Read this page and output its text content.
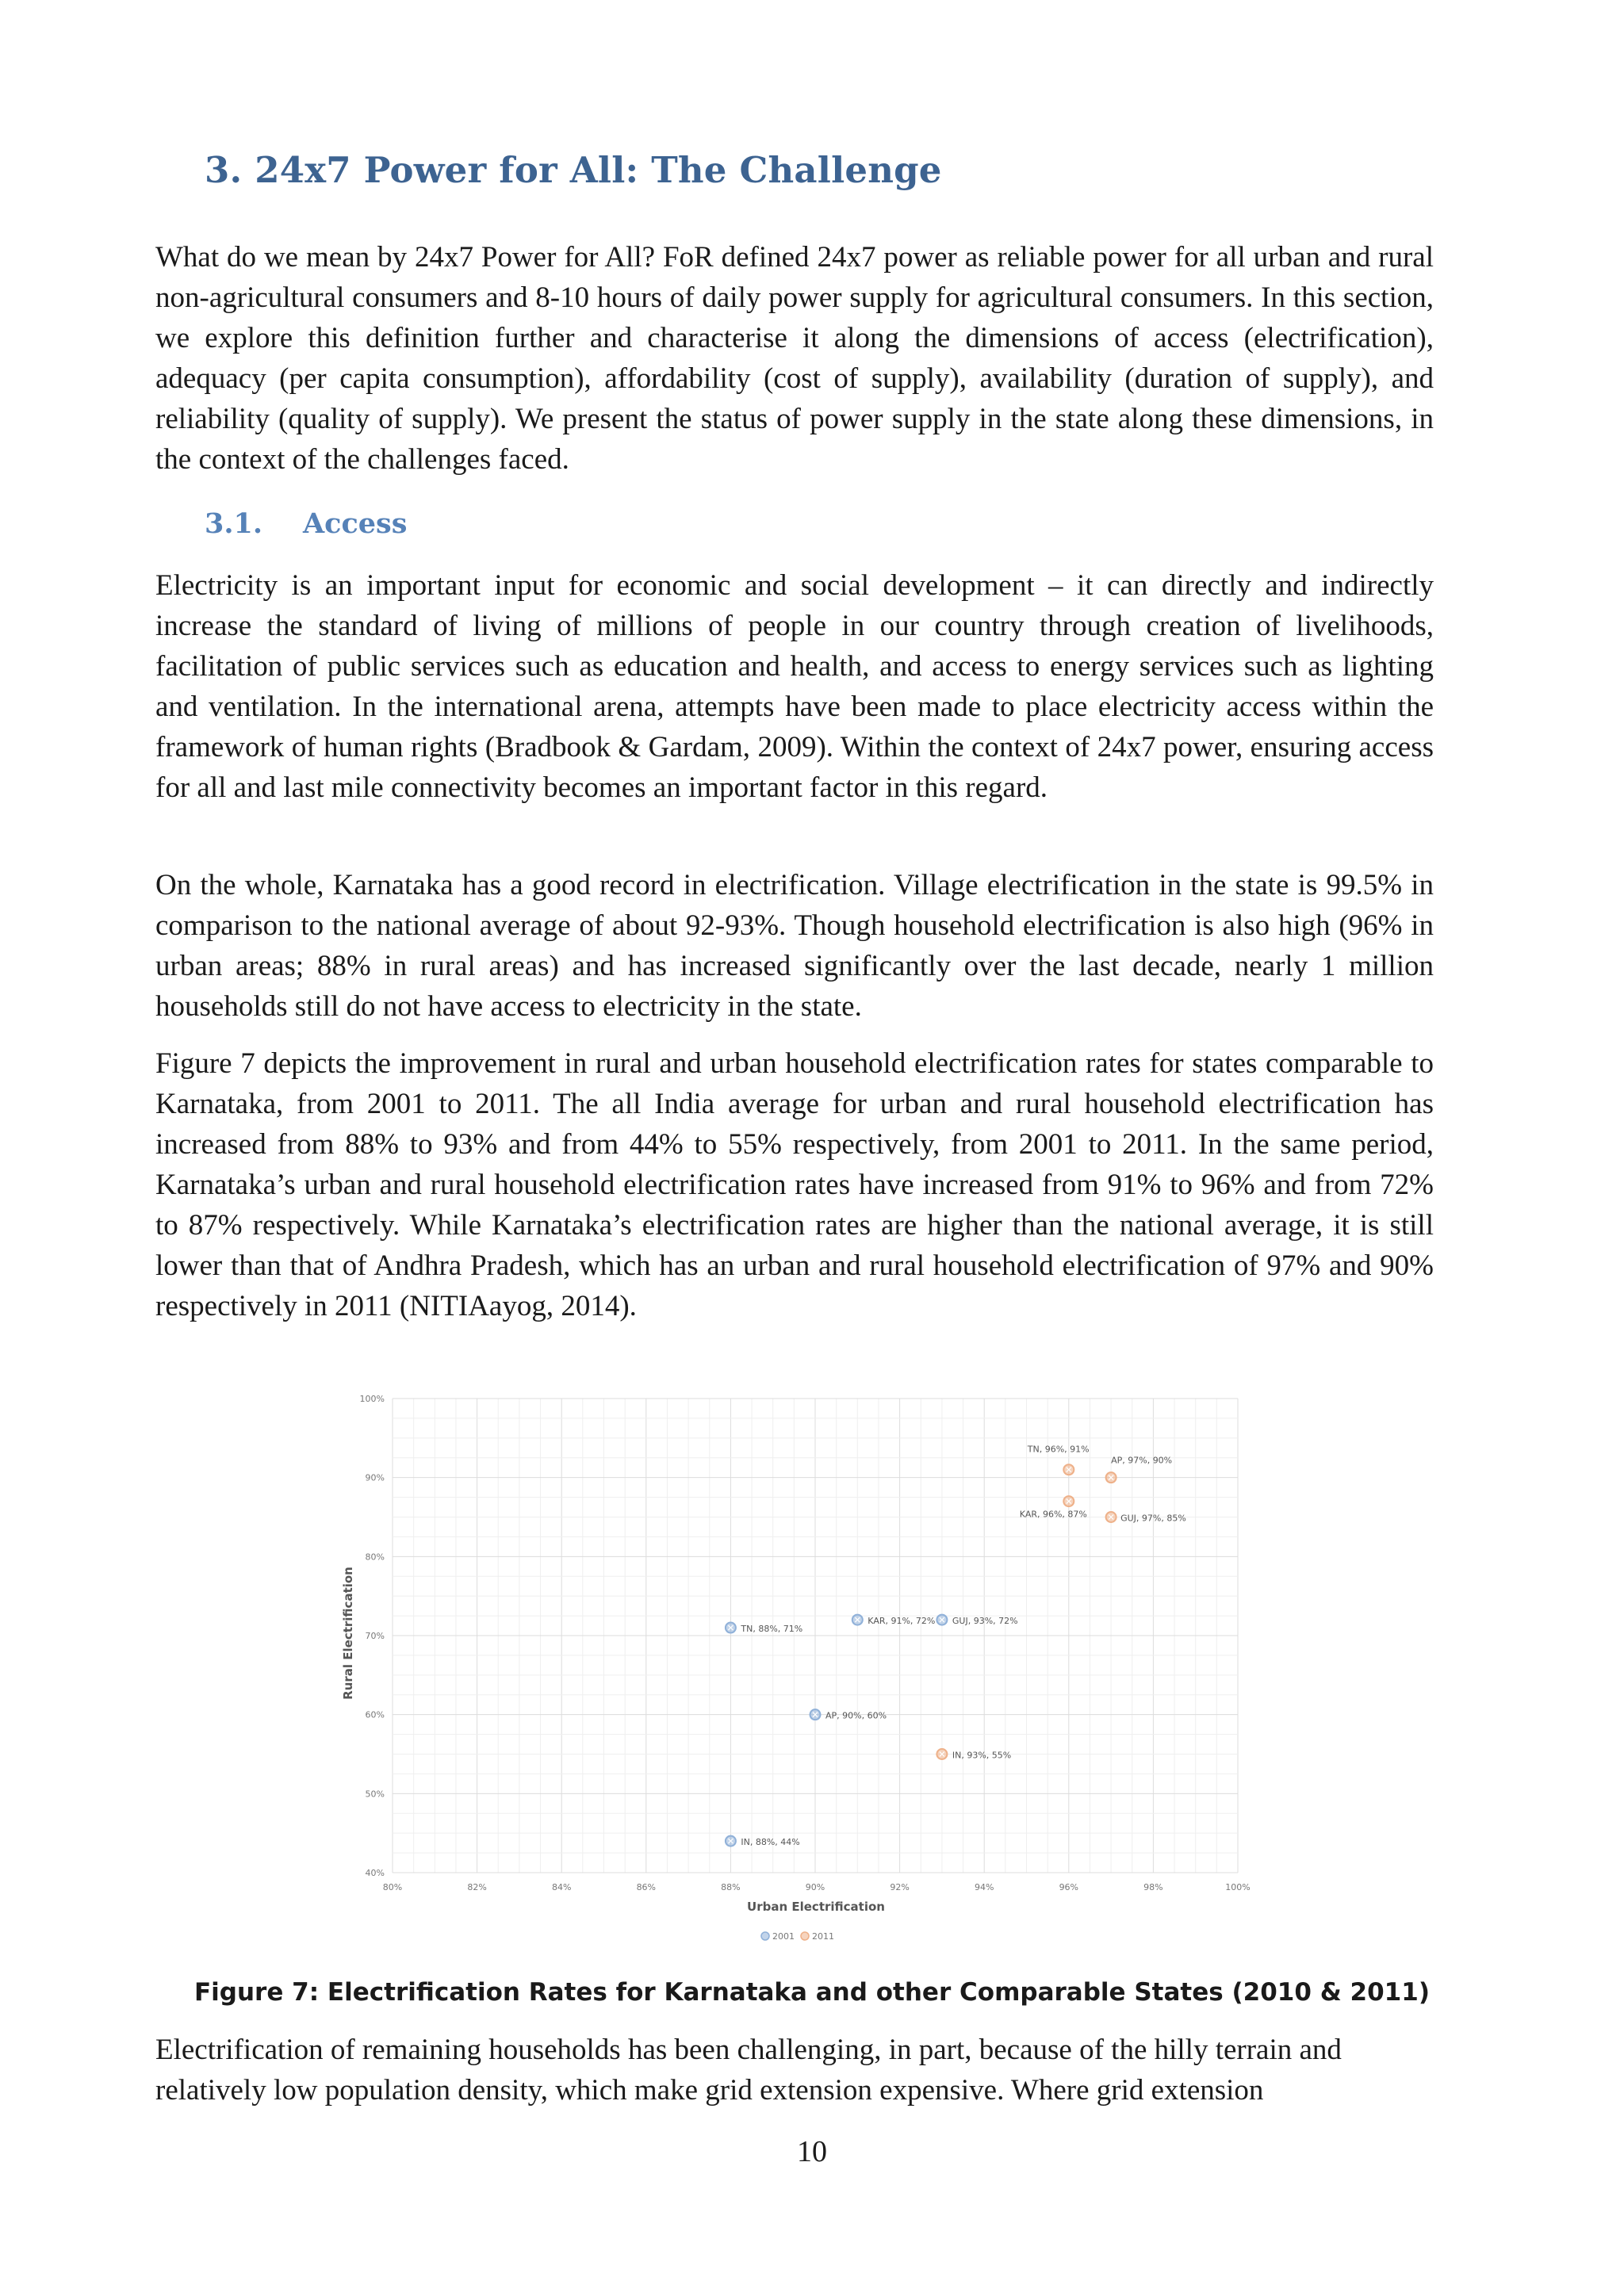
3. 24x7 Power for All: The Challenge

What do we mean by 24x7 Power for All? FoR defined 24x7 power as reliable power for all urban and rural non-agricultural consumers and 8-10 hours of daily power supply for agricultural consumers. In this section, we explore this definition further and characterise it along the dimensions of access (electrification), adequacy (per capita consumption), affordability (cost of supply), availability (duration of supply), and reliability (quality of supply). We present the status of power supply in the state along these dimensions, in the context of the challenges faced.

3.1. Access

Electricity is an important input for economic and social development – it can directly and indirectly increase the standard of living of millions of people in our country through creation of livelihoods, facilitation of public services such as education and health, and access to energy services such as lighting and ventilation. In the international arena, attempts have been made to place electricity access within the framework of human rights (Bradbook & Gardam, 2009). Within the context of 24x7 power, ensuring access for all and last mile connectivity becomes an important factor in this regard.

On the whole, Karnataka has a good record in electrification. Village electrification in the state is 99.5% in comparison to the national average of about 92-93%. Though household electrification is also high (96% in urban areas; 88% in rural areas) and has increased significantly over the last decade, nearly 1 million households still do not have access to electricity in the state.

Figure 7 depicts the improvement in rural and urban household electrification rates for states comparable to Karnataka, from 2001 to 2011. The all India average for urban and rural household electrification has increased from 88% to 93% and from 44% to 55% respectively, from 2001 to 2011. In the same period, Karnataka’s urban and rural household electrification rates have increased from 91% to 96% and from 72% to 87% respectively. While Karnataka’s electrification rates are higher than the national average, it is still lower than that of Andhra Pradesh, which has an urban and rural household electrification of 97% and 90% respectively in 2011 (NITIAayog, 2014).

80%	82%	84%	86%	88%	90%	92%	94%	96%	98%	100%
40%
50%
60%
70%
80%
90%
100%
TN, 88%, 71%
KAR, 91%, 72% GUJ, 93%, 72%
AP, 90%, 60%
IN, 88%, 44%
TN, 96%, 91%
AP, 97%, 90%
KAR, 96%, 87%	GUJ, 97%, 85%
IN, 93%, 55%
Urban Electrification
Rural Electrification
2001 2011

Figure 7: Electrification Rates for Karnataka and other Comparable States (2010 & 2011)

Electrification of remaining households has been challenging, in part, because of the hilly terrain and relatively low population density, which make grid extension expensive. Where grid extension

10
